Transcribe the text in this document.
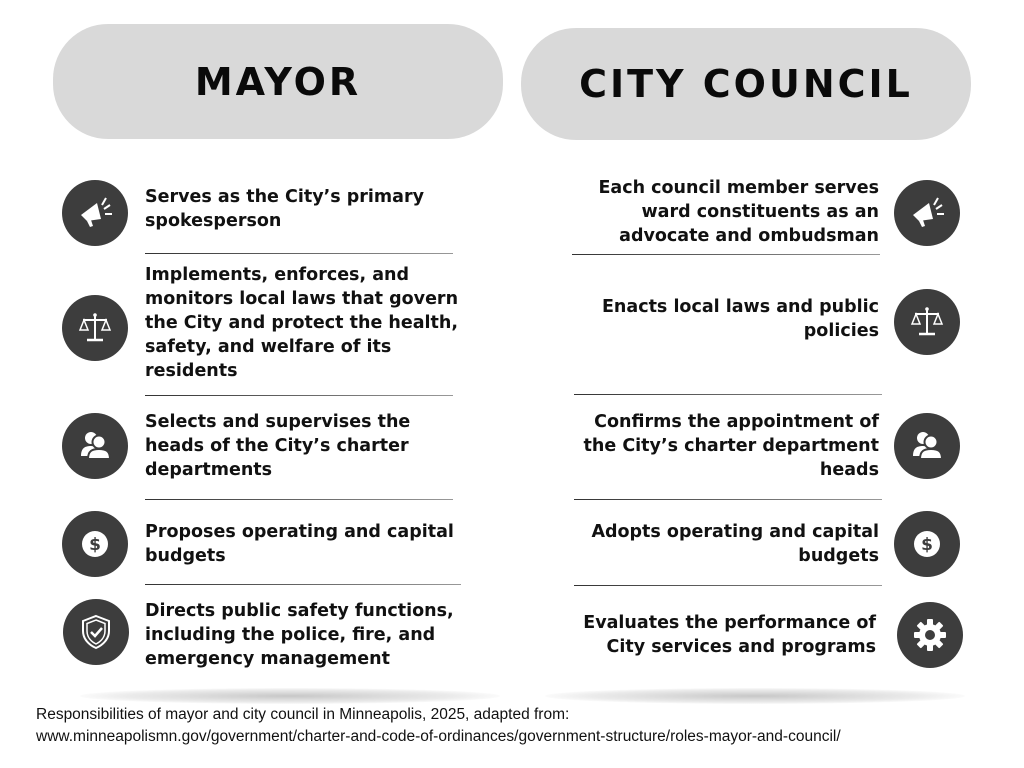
MAYOR	CITY COUNCIL
Serves as the City’s primary spokesperson
Implements, enforces, and monitors local laws that govern the City and protect the health, safety, and welfare of its residents
Selects and supervises the heads of the City’s charter departments
Proposes operating and capital budgets
Directs public safety functions, including the police, fire, and emergency management
Each council member serves ward constituents as an advocate and ombudsman
Enacts local laws and public policies
Confirms the appointment of the City’s charter department heads
Adopts operating and capital budgets
Evaluates the performance of City services and programs
Responsibilities of mayor and city council in Minneapolis, 2025, adapted from:
www.minneapolismn.gov/government/charter-and-code-of-ordinances/government-structure/roles-mayor-and-council/
